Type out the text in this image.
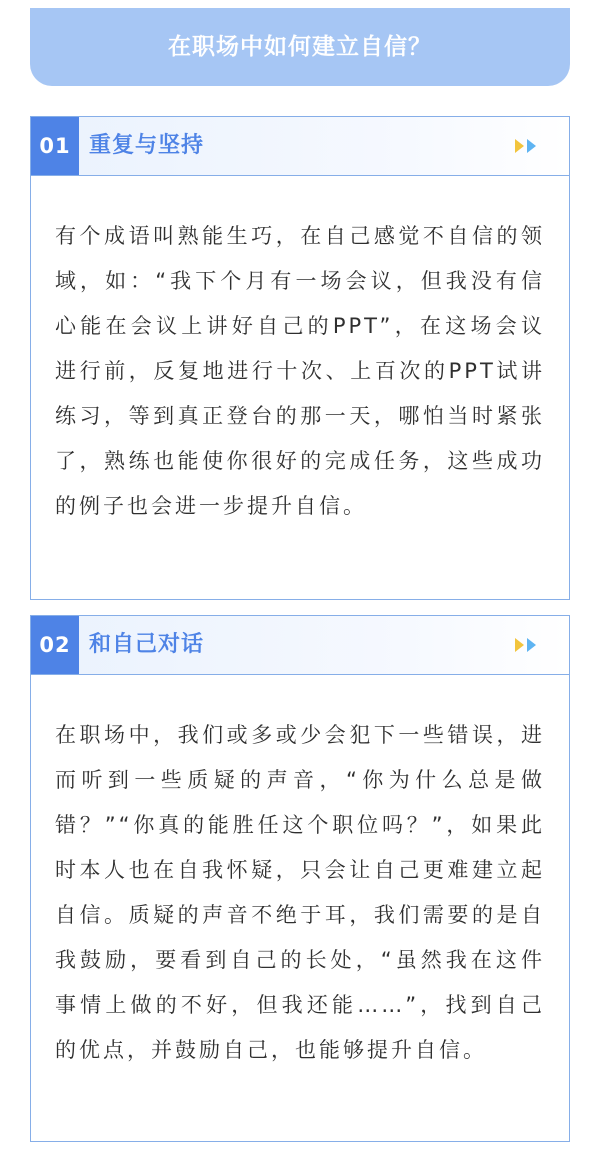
在职场中如何建立自信？
01 重复与坚持
有个成语叫熟能生巧，在自己感觉不自信的领域，如：“我下个月有一场会议，但我没有信心能在会议上讲好自己的PPT”，在这场会议进行前，反复地进行十次、上百次的PPT试讲练习，等到真正登台的那一天，哪怕当时紧张了，熟练也能使你很好的完成任务，这些成功的例子也会进一步提升自信。
02 和自己对话
在职场中，我们或多或少会犯下一些错误，进而听到一些质疑的声音，“你为什么总是做错？”“你真的能胜任这个职位吗？”，如果此时本人也在自我怀疑，只会让自己更难建立起自信。质疑的声音不绝于耳，我们需要的是自我鼓励，要看到自己的长处，“虽然我在这件事情上做的不好，但我还能……”，找到自己的优点，并鼓励自己，也能够提升自信。
